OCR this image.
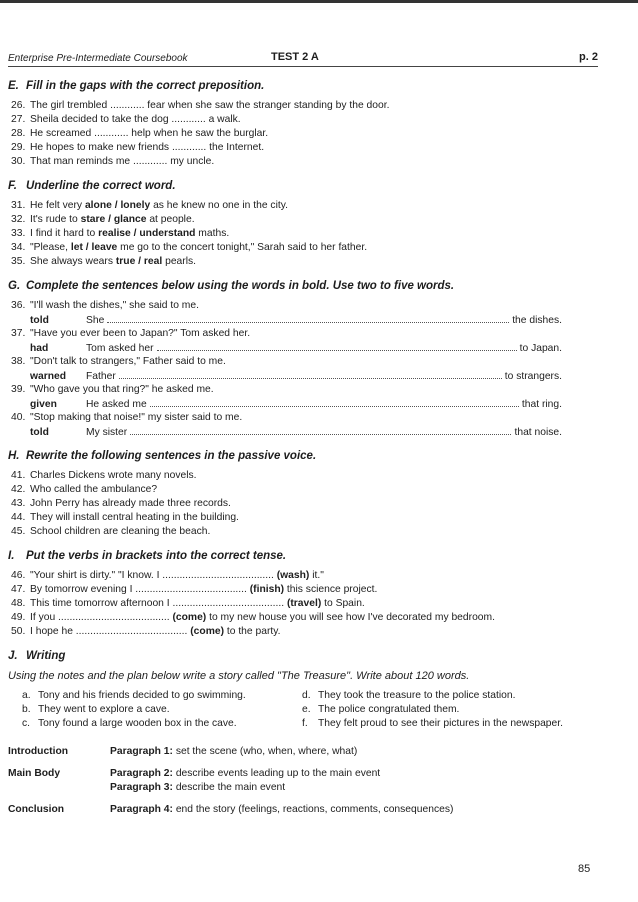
Enterprise Pre-Intermediate Coursebook	TEST 2 A	p. 2
E. Fill in the gaps with the correct preposition.
26. The girl trembled ............ fear when she saw the stranger standing by the door.
27. Sheila decided to take the dog ............ a walk.
28. He screamed ............ help when he saw the burglar.
29. He hopes to make new friends ............ the Internet.
30. That man reminds me ............ my uncle.
F. Underline the correct word.
31. He felt very alone / lonely as he knew no one in the city.
32. It's rude to stare / glance at people.
33. I find it hard to realise / understand maths.
34. "Please, let / leave me go to the concert tonight," Sarah said to her father.
35. She always wears true / real pearls.
G. Complete the sentences below using the words in bold. Use two to five words.
36. "I'll wash the dishes," she said to me.
told	She	the dishes.
37. "Have you ever been to Japan?" Tom asked her.
had	Tom asked her	to Japan.
38. "Don't talk to strangers," Father said to me.
warned	Father	to strangers.
39. "Who gave you that ring?" he asked me.
given	He asked me	that ring.
40. "Stop making that noise!" my sister said to me.
told	My sister	that noise.
H. Rewrite the following sentences in the passive voice.
41. Charles Dickens wrote many novels.
42. Who called the ambulance?
43. John Perry has already made three records.
44. They will install central heating in the building.
45. School children are cleaning the beach.
I. Put the verbs in brackets into the correct tense.
46. "Your shirt is dirty." "I know. I ....................................... (wash) it."
47. By tomorrow evening I ....................................... (finish) this science project.
48. This time tomorrow afternoon I ....................................... (travel) to Spain.
49. If you ....................................... (come) to my new house you will see how I've decorated my bedroom.
50. I hope he ....................................... (come) to the party.
J. Writing
Using the notes and the plan below write a story called "The Treasure". Write about 120 words.
a. Tony and his friends decided to go swimming.
b. They went to explore a cave.
c. Tony found a large wooden box in the cave.
d. They took the treasure to the police station.
e. The police congratulated them.
f. They felt proud to see their pictures in the newspaper.
Introduction	Paragraph 1: set the scene (who, when, where, what)
Main Body	Paragraph 2: describe events leading up to the main event
Paragraph 3: describe the main event
Conclusion	Paragraph 4: end the story (feelings, reactions, comments, consequences)
85
